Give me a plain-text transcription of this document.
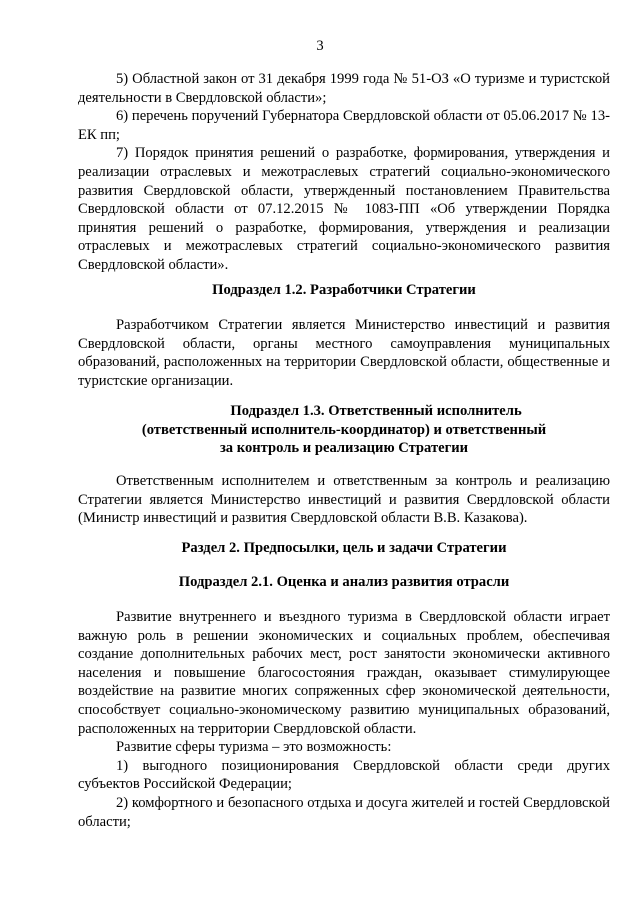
3

5) Областной закон от 31 декабря 1999 года № 51-ОЗ «О туризме и туристской деятельности в Свердловской области»;

6) перечень поручений Губернатора Свердловской области от 05.06.2017 № 13-ЕК пп;

7) Порядок принятия решений о разработке, формирования, утверждения и реализации отраслевых и межотраслевых стратегий социально-экономического развития Свердловской области, утвержденный постановлением Правительства Свердловской области от 07.12.2015 № 1083-ПП «Об утверждении Порядка принятия решений о разработке, формирования, утверждения и реализации отраслевых и межотраслевых стратегий социально-экономического развития Свердловской области».

Подраздел 1.2. Разработчики Стратегии

Разработчиком Стратегии является Министерство инвестиций и развития Свердловской области, органы местного самоуправления муниципальных образований, расположенных на территории Свердловской области, общественные и туристские организации.

Подраздел 1.3. Ответственный исполнитель

(ответственный исполнитель-координатор) и ответственный

за контроль и реализацию Стратегии

Ответственным исполнителем и ответственным за контроль и реализацию Стратегии является Министерство инвестиций и развития Свердловской области (Министр инвестиций и развития Свердловской области В.В. Казакова).

Раздел 2. Предпосылки, цель и задачи Стратегии

Подраздел 2.1. Оценка и анализ развития отрасли

Развитие внутреннего и въездного туризма в Свердловской области играет важную роль в решении экономических и социальных проблем, обеспечивая создание дополнительных рабочих мест, рост занятости экономически активного населения и повышение благосостояния граждан, оказывает стимулирующее воздействие на развитие многих сопряженных сфер экономической деятельности, способствует социально-экономическому развитию муниципальных образований, расположенных на территории Свердловской области.

Развитие сферы туризма – это возможность:

1) выгодного позиционирования Свердловской области среди других субъектов Российской Федерации;

2) комфортного и безопасного отдыха и досуга жителей и гостей Свердловской области;
